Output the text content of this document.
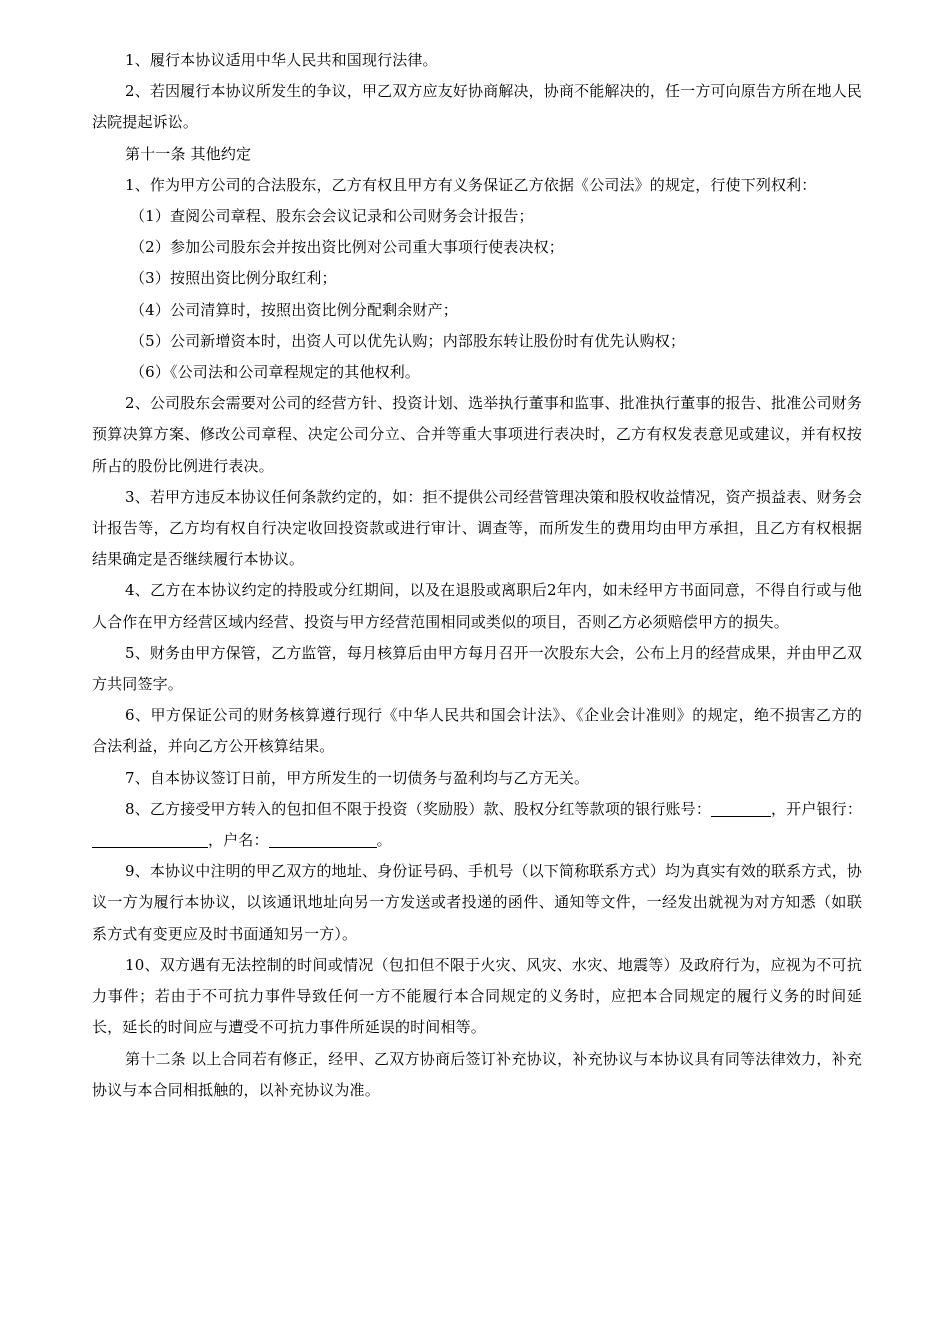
1、履行本协议适用中华人民共和国现行法律。

2、若因履行本协议所发生的争议，甲乙双方应友好协商解决，协商不能解决的，任一方可向原告方所在地人民法院提起诉讼。

第十一条 其他约定

1、作为甲方公司的合法股东，乙方有权且甲方有义务保证乙方依据《公司法》的规定，行使下列权利：

（1）查阅公司章程、股东会会议记录和公司财务会计报告；

（2）参加公司股东会并按出资比例对公司重大事项行使表决权；

（3）按照出资比例分取红利；

（4）公司清算时，按照出资比例分配剩余财产；

（5）公司新增资本时，出资人可以优先认购；内部股东转让股份时有优先认购权；

（6）《公司法和公司章程规定的其他权利。

2、公司股东会需要对公司的经营方针、投资计划、选举执行董事和监事、批准执行董事的报告、批准公司财务预算决算方案、修改公司章程、决定公司分立、合并等重大事项进行表决时，乙方有权发表意见或建议，并有权按所占的股份比例进行表决。

3、若甲方违反本协议任何条款约定的，如：拒不提供公司经营管理决策和股权收益情况，资产损益表、财务会计报告等，乙方均有权自行决定收回投资款或进行审计、调查等，而所发生的费用均由甲方承担，且乙方有权根据结果确定是否继续履行本协议。

4、乙方在本协议约定的持股或分红期间，以及在退股或离职后2年内，如未经甲方书面同意，不得自行或与他人合作在甲方经营区域内经营、投资与甲方经营范围相同或类似的项目，否则乙方必须赔偿甲方的损失。

5、财务由甲方保管，乙方监管，每月核算后由甲方每月召开一次股东大会，公布上月的经营成果，并由甲乙双方共同签字。

6、甲方保证公司的财务核算遵行现行《中华人民共和国会计法》、《企业会计准则》的规定，绝不损害乙方的合法利益，并向乙方公开核算结果。

7、自本协议签订日前，甲方所发生的一切债务与盈利均与乙方无关。

8、乙方接受甲方转入的包扣但不限于投资（奖励股）款、股权分红等款项的银行账号：	，开户银行：，户名：	。

9、本协议中注明的甲乙双方的地址、身份证号码、手机号（以下简称联系方式）均为真实有效的联系方式，协议一方为履行本协议，以该通讯地址向另一方发送或者投递的函件、通知等文件，一经发出就视为对方知悉（如联系方式有变更应及时书面通知另一方）。

10、双方遇有无法控制的时间或情况（包扣但不限于火灾、风灾、水灾、地震等）及政府行为，应视为不可抗力事件；若由于不可抗力事件导致任何一方不能履行本合同规定的义务时，应把本合同规定的履行义务的时间延长，延长的时间应与遭受不可抗力事件所延误的时间相等。

第十二条 以上合同若有修正，经甲、乙双方协商后签订补充协议，补充协议与本协议具有同等法律效力，补充协议与本合同相抵触的，以补充协议为准。
